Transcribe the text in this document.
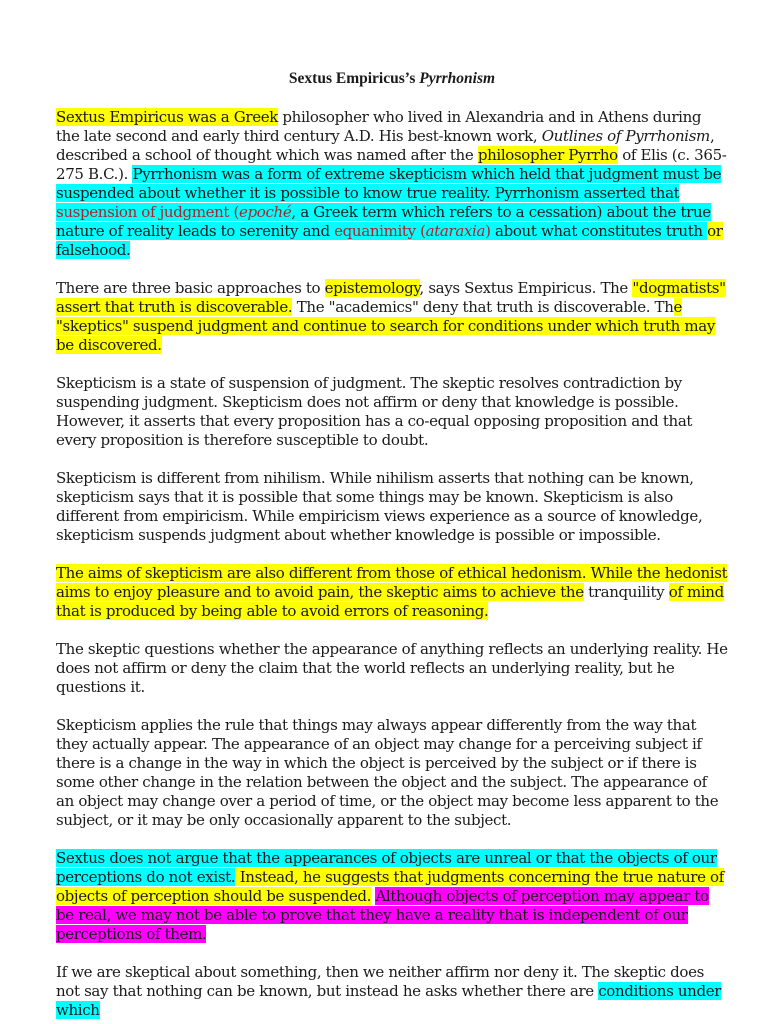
Sextus Empiricus’s Pyrrhonism

Sextus Empiricus was a Greek philosopher who lived in Alexandria and in Athens during the late second and early third century A.D. His best-known work, Outlines of Pyrrhonism, described a school of thought which was named after the philosopher Pyrrho of Elis (c. 365-275 B.C.). Pyrrhonism was a form of extreme skepticism which held that judgment must be suspended about whether it is possible to know true reality. Pyrrhonism asserted that suspension of judgment (epoché, a Greek term which refers to a cessation) about the true nature of reality leads to serenity and equanimity (ataraxia) about what constitutes truth or falsehood.

There are three basic approaches to epistemology, says Sextus Empiricus. The "dogmatists" assert that truth is discoverable. The "academics" deny that truth is discoverable. The "skeptics" suspend judgment and continue to search for conditions under which truth may be discovered.

Skepticism is a state of suspension of judgment. The skeptic resolves contradiction by suspending judgment. Skepticism does not affirm or deny that knowledge is possible. However, it asserts that every proposition has a co-equal opposing proposition and that every proposition is therefore susceptible to doubt.

Skepticism is different from nihilism. While nihilism asserts that nothing can be known, skepticism says that it is possible that some things may be known. Skepticism is also different from empiricism. While empiricism views experience as a source of knowledge, skepticism suspends judgment about whether knowledge is possible or impossible.

The aims of skepticism are also different from those of ethical hedonism. While the hedonist aims to enjoy pleasure and to avoid pain, the skeptic aims to achieve the tranquility of mind that is produced by being able to avoid errors of reasoning.

The skeptic questions whether the appearance of anything reflects an underlying reality. He does not affirm or deny the claim that the world reflects an underlying reality, but he questions it.

Skepticism applies the rule that things may always appear differently from the way that they actually appear. The appearance of an object may change for a perceiving subject if there is a change in the way in which the object is perceived by the subject or if there is some other change in the relation between the object and the subject. The appearance of an object may change over a period of time, or the object may become less apparent to the subject, or it may be only occasionally apparent to the subject.

Sextus does not argue that the appearances of objects are unreal or that the objects of our perceptions do not exist. Instead, he suggests that judgments concerning the true nature of objects of perception should be suspended. Although objects of perception may appear to be real, we may not be able to prove that they have a reality that is independent of our perceptions of them.

If we are skeptical about something, then we neither affirm nor deny it. The skeptic does not say that nothing can be known, but instead he asks whether there are conditions under which
